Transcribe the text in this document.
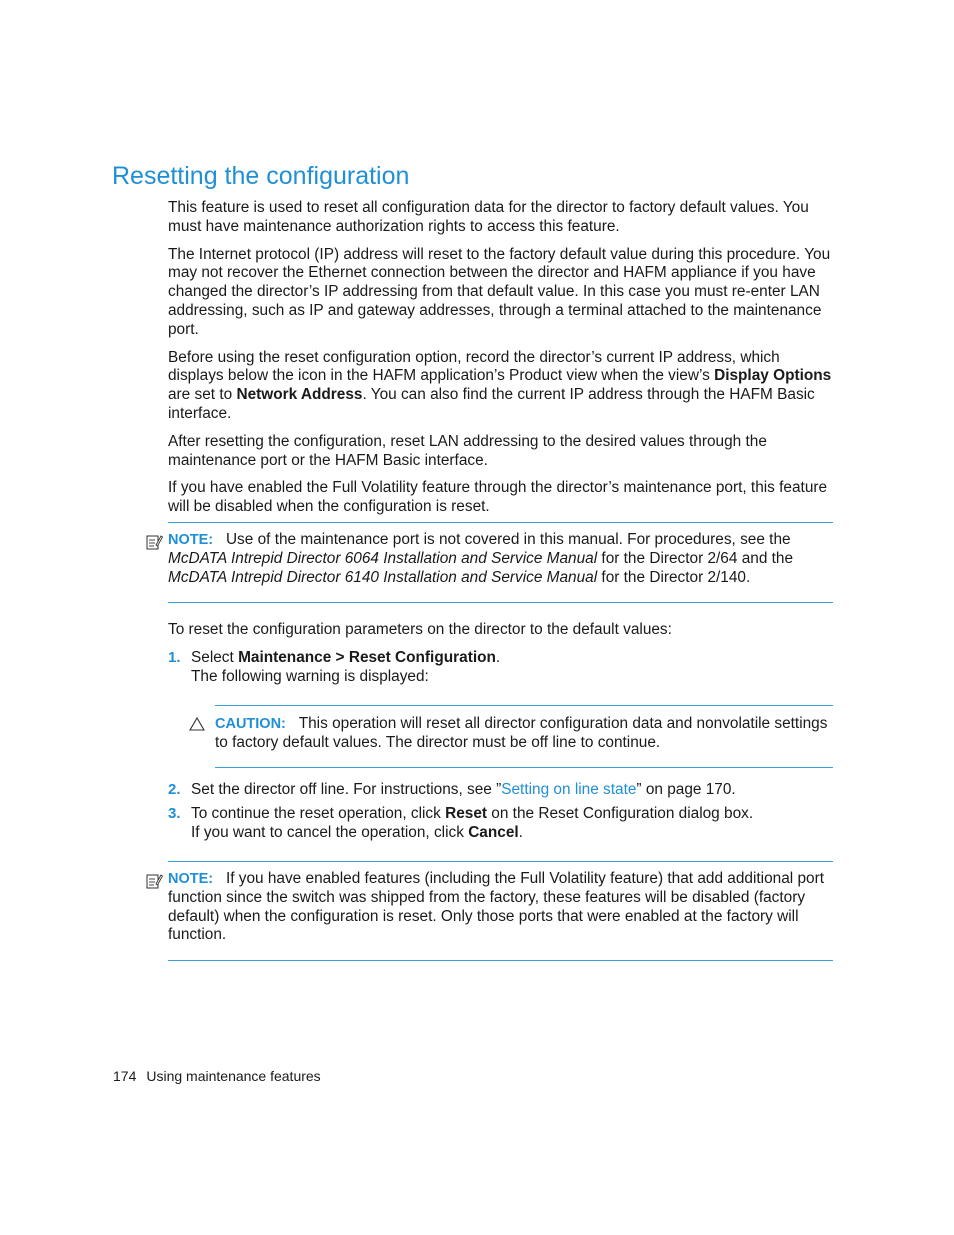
Resetting the configuration

This feature is used to reset all configuration data for the director to factory default values. You must have maintenance authorization rights to access this feature.

The Internet protocol (IP) address will reset to the factory default value during this procedure. You may not recover the Ethernet connection between the director and HAFM appliance if you have changed the director’s IP addressing from that default value. In this case you must re-enter LAN addressing, such as IP and gateway addresses, through a terminal attached to the maintenance port.

Before using the reset configuration option, record the director’s current IP address, which displays below the icon in the HAFM application’s Product view when the view’s Display Options are set to Network Address. You can also find the current IP address through the HAFM Basic interface.

After resetting the configuration, reset LAN addressing to the desired values through the maintenance port or the HAFM Basic interface.

If you have enabled the Full Volatility feature through the director’s maintenance port, this feature will be disabled when the configuration is reset.

NOTE: Use of the maintenance port is not covered in this manual. For procedures, see the McDATA Intrepid Director 6064 Installation and Service Manual for the Director 2/64 and the McDATA Intrepid Director 6140 Installation and Service Manual for the Director 2/140.
To reset the configuration parameters on the director to the default values:
1. Select Maintenance > Reset Configuration.
The following warning is displayed:
CAUTION: This operation will reset all director configuration data and nonvolatile settings to factory default values. The director must be off line to continue.
2. Set the director off line. For instructions, see ”Setting on line state” on page 170.
3. To continue the reset operation, click Reset on the Reset Configuration dialog box.
If you want to cancel the operation, click Cancel.
NOTE: If you have enabled features (including the Full Volatility feature) that add additional port function since the switch was shipped from the factory, these features will be disabled (factory default) when the configuration is reset. Only those ports that were enabled at the factory will function.
174 Using maintenance features
